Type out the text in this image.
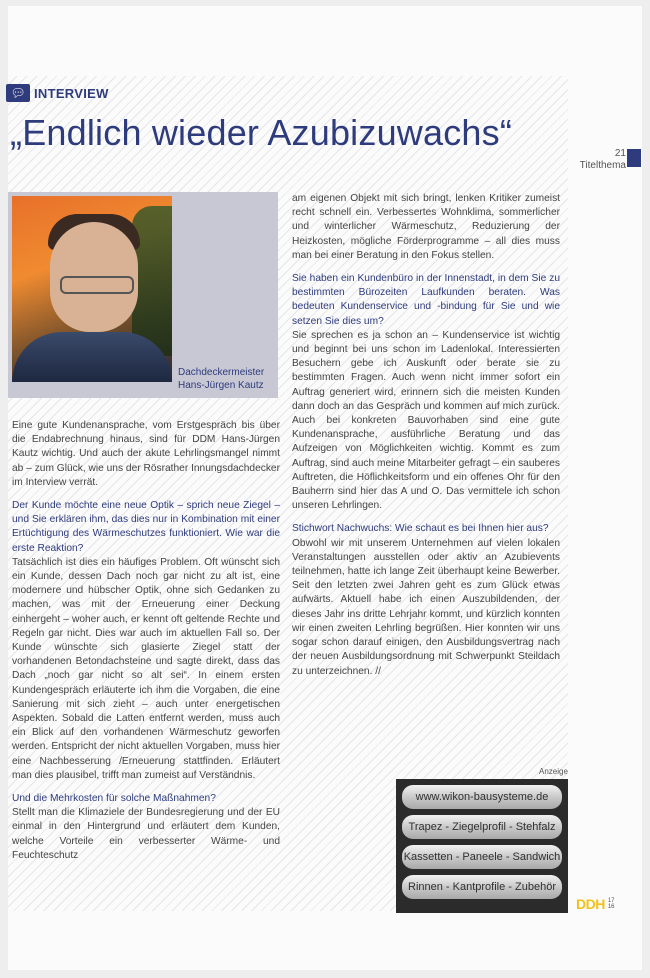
💬︎ INTERVIEW
„Endlich wieder Azubizuwachs“
21
Titelthema
Dachdeckermeister
Hans-Jürgen Kautz

Eine gute Kundenansprache, vom Erstgespräch bis über die Endabrechnung hinaus, sind für DDM Hans-Jürgen Kautz wichtig. Und auch der akute Lehrlingsmangel nimmt ab – zum Glück, wie uns der Rösrather Innungsdachdecker im Interview verrät.

Der Kunde möchte eine neue Optik – sprich neue Ziegel – und Sie erklären ihm, das dies nur in Kombination mit einer Ertüchtigung des Wärmeschutzes funktioniert. Wie war die erste Reaktion?

Tatsächlich ist dies ein häufiges Problem. Oft wünscht sich ein Kunde, dessen Dach noch gar nicht zu alt ist, eine modernere und hübscher Optik, ohne sich Gedanken zu machen, was mit der Erneuerung einer Deckung einhergeht – woher auch, er kennt oft geltende Rechte und Regeln gar nicht. Dies war auch im aktuellen Fall so. Der Kunde wünschte sich glasierte Ziegel statt der vorhandenen Betondachsteine und sagte direkt, dass das Dach „noch gar nicht so alt sei“. In einem ersten Kundengespräch erläuterte ich ihm die Vorgaben, die eine Sanierung mit sich zieht – auch unter energetischen Aspekten. Sobald die Latten entfernt werden, muss auch ein Blick auf den vorhandenen Wärmeschutz geworfen werden. Entspricht der nicht aktuellen Vorgaben, muss hier eine Nachbesserung /Erneuerung stattfinden. Erläutert man dies plausibel, trifft man zumeist auf Verständnis.

Und die Mehrkosten für solche Maßnahmen?

Stellt man die Klimaziele der Bundesregierung und der EU einmal in den Hintergrund und erläutert dem Kunden, welche Vorteile ein verbesserter Wärme- und Feuchteschutz

am eigenen Objekt mit sich bringt, lenken Kritiker zumeist recht schnell ein. Verbessertes Wohnklima, sommerlicher und winterlicher Wärmeschutz, Reduzierung der Heizkosten, mögliche Förderprogramme – all dies muss man bei einer Beratung in den Fokus stellen.

Sie haben ein Kundenbüro in der Innenstadt, in dem Sie zu bestimmten Bürozeiten Laufkunden beraten. Was bedeuten Kundenservice und -bindung für Sie und wie setzen Sie dies um?

Sie sprechen es ja schon an – Kundenservice ist wichtig und beginnt bei uns schon im Ladenlokal. Interessierten Besuchern gebe ich Auskunft oder berate sie zu bestimmten Fragen. Auch wenn nicht immer sofort ein Auftrag generiert wird, erinnern sich die meisten Kunden dann doch an das Gespräch und kommen auf mich zurück. Auch bei konkreten Bauvorhaben sind eine gute Kundenansprache, ausführliche Beratung und das Aufzeigen von Möglichkeiten wichtig. Kommt es zum Auftrag, sind auch meine Mitarbeiter gefragt – ein sauberes Auftreten, die Höflichkeitsform und ein offenes Ohr für den Bauherrn sind hier das A und O. Das vermittele ich schon unseren Lehrlingen.

Stichwort Nachwuchs: Wie schaut es bei Ihnen hier aus?

Obwohl wir mit unserem Unternehmen auf vielen lokalen Veranstaltungen ausstellen oder aktiv an Azubievents teilnehmen, hatte ich lange Zeit überhaupt keine Bewerber. Seit den letzten zwei Jahren geht es zum Glück etwas aufwärts. Aktuell habe ich einen Auszubildenden, der dieses Jahr ins dritte Lehrjahr kommt, und kürzlich konnten wir einen zweiten Lehrling begrüßen. Hier konnten wir uns sogar schon darauf einigen, den Ausbildungsvertrag nach der neuen Ausbildungsordnung mit Schwerpunkt Steildach zu unterzeichnen. //

Anzeige
www.wikon-bausysteme.de
Trapez - Ziegelprofil - Stehfalz
Kassetten - Paneele - Sandwich
Rinnen - Kantprofile - Zubehör
DDH 17
16
